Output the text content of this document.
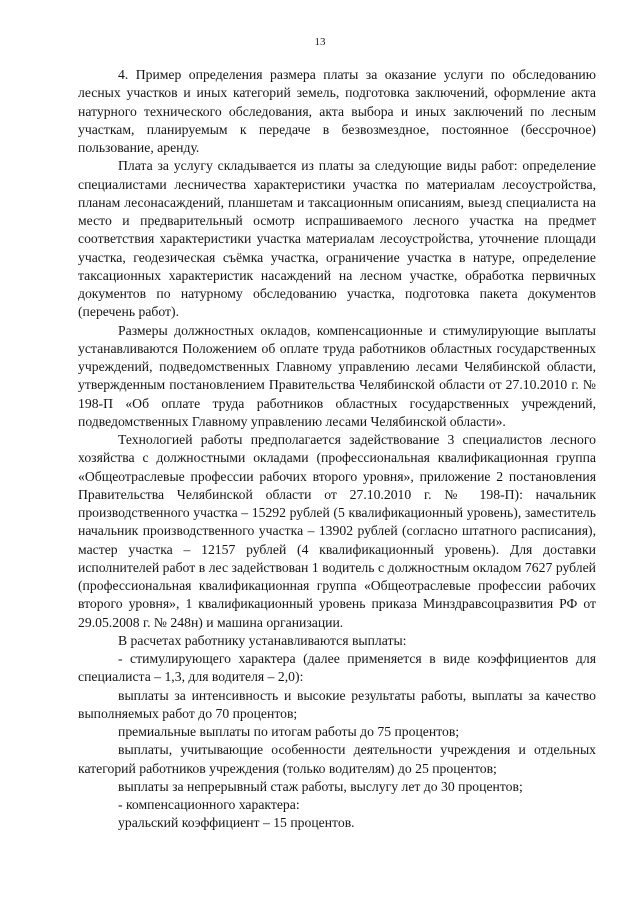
13

4. Пример определения размера платы за оказание услуги по обследованию лесных участков и иных категорий земель, подготовка заключений, оформление акта натурного технического обследования, акта выбора и иных заключений по лесным участкам, планируемым к передаче в безвозмездное, постоянное (бессрочное) пользование, аренду.

Плата за услугу складывается из платы за следующие виды работ: определение специалистами лесничества характеристики участка по материалам лесоустройства, планам лесонасаждений, планшетам и таксационным описаниям, выезд специалиста на место и предварительный осмотр испрашиваемого лесного участка на предмет соответствия характеристики участка материалам лесоустройства, уточнение площади участка, геодезическая съёмка участка, ограничение участка в натуре, определение таксационных характеристик насаждений на лесном участке, обработка первичных документов по натурному обследованию участка, подготовка пакета документов (перечень работ).

Размеры должностных окладов, компенсационные и стимулирующие выплаты устанавливаются Положением об оплате труда работников областных государственных учреждений, подведомственных Главному управлению лесами Челябинской области, утвержденным постановлением Правительства Челябинской области от 27.10.2010 г. № 198-П «Об оплате труда работников областных государственных учреждений, подведомственных Главному управлению лесами Челябинской области».

Технологией работы предполагается задействование 3 специалистов лесного хозяйства с должностными окладами (профессиональная квалификационная группа «Общеотраслевые профессии рабочих второго уровня», приложение 2 постановления Правительства Челябинской области от 27.10.2010 г. № 198-П): начальник производственного участка – 15292 рублей (5 квалификационный уровень), заместитель начальник производственного участка – 13902 рублей (согласно штатного расписания), мастер участка – 12157 рублей (4 квалификационный уровень). Для доставки исполнителей работ в лес задействован 1 водитель с должностным окладом 7627 рублей (профессиональная квалификационная группа «Общеотраслевые профессии рабочих второго уровня», 1 квалификационный уровень приказа Минздравсоцразвития РФ от 29.05.2008 г. № 248н) и машина организации.

В расчетах работнику устанавливаются выплаты:

- стимулирующего характера (далее применяется в виде коэффициентов для специалиста – 1,3, для водителя – 2,0):

выплаты за интенсивность и высокие результаты работы, выплаты за качество выполняемых работ до 70 процентов;

премиальные выплаты по итогам работы до 75 процентов;

выплаты, учитывающие особенности деятельности учреждения и отдельных категорий работников учреждения (только водителям) до 25 процентов;

выплаты за непрерывный стаж работы, выслугу лет до 30 процентов;

- компенсационного характера:

уральский коэффициент – 15 процентов.
